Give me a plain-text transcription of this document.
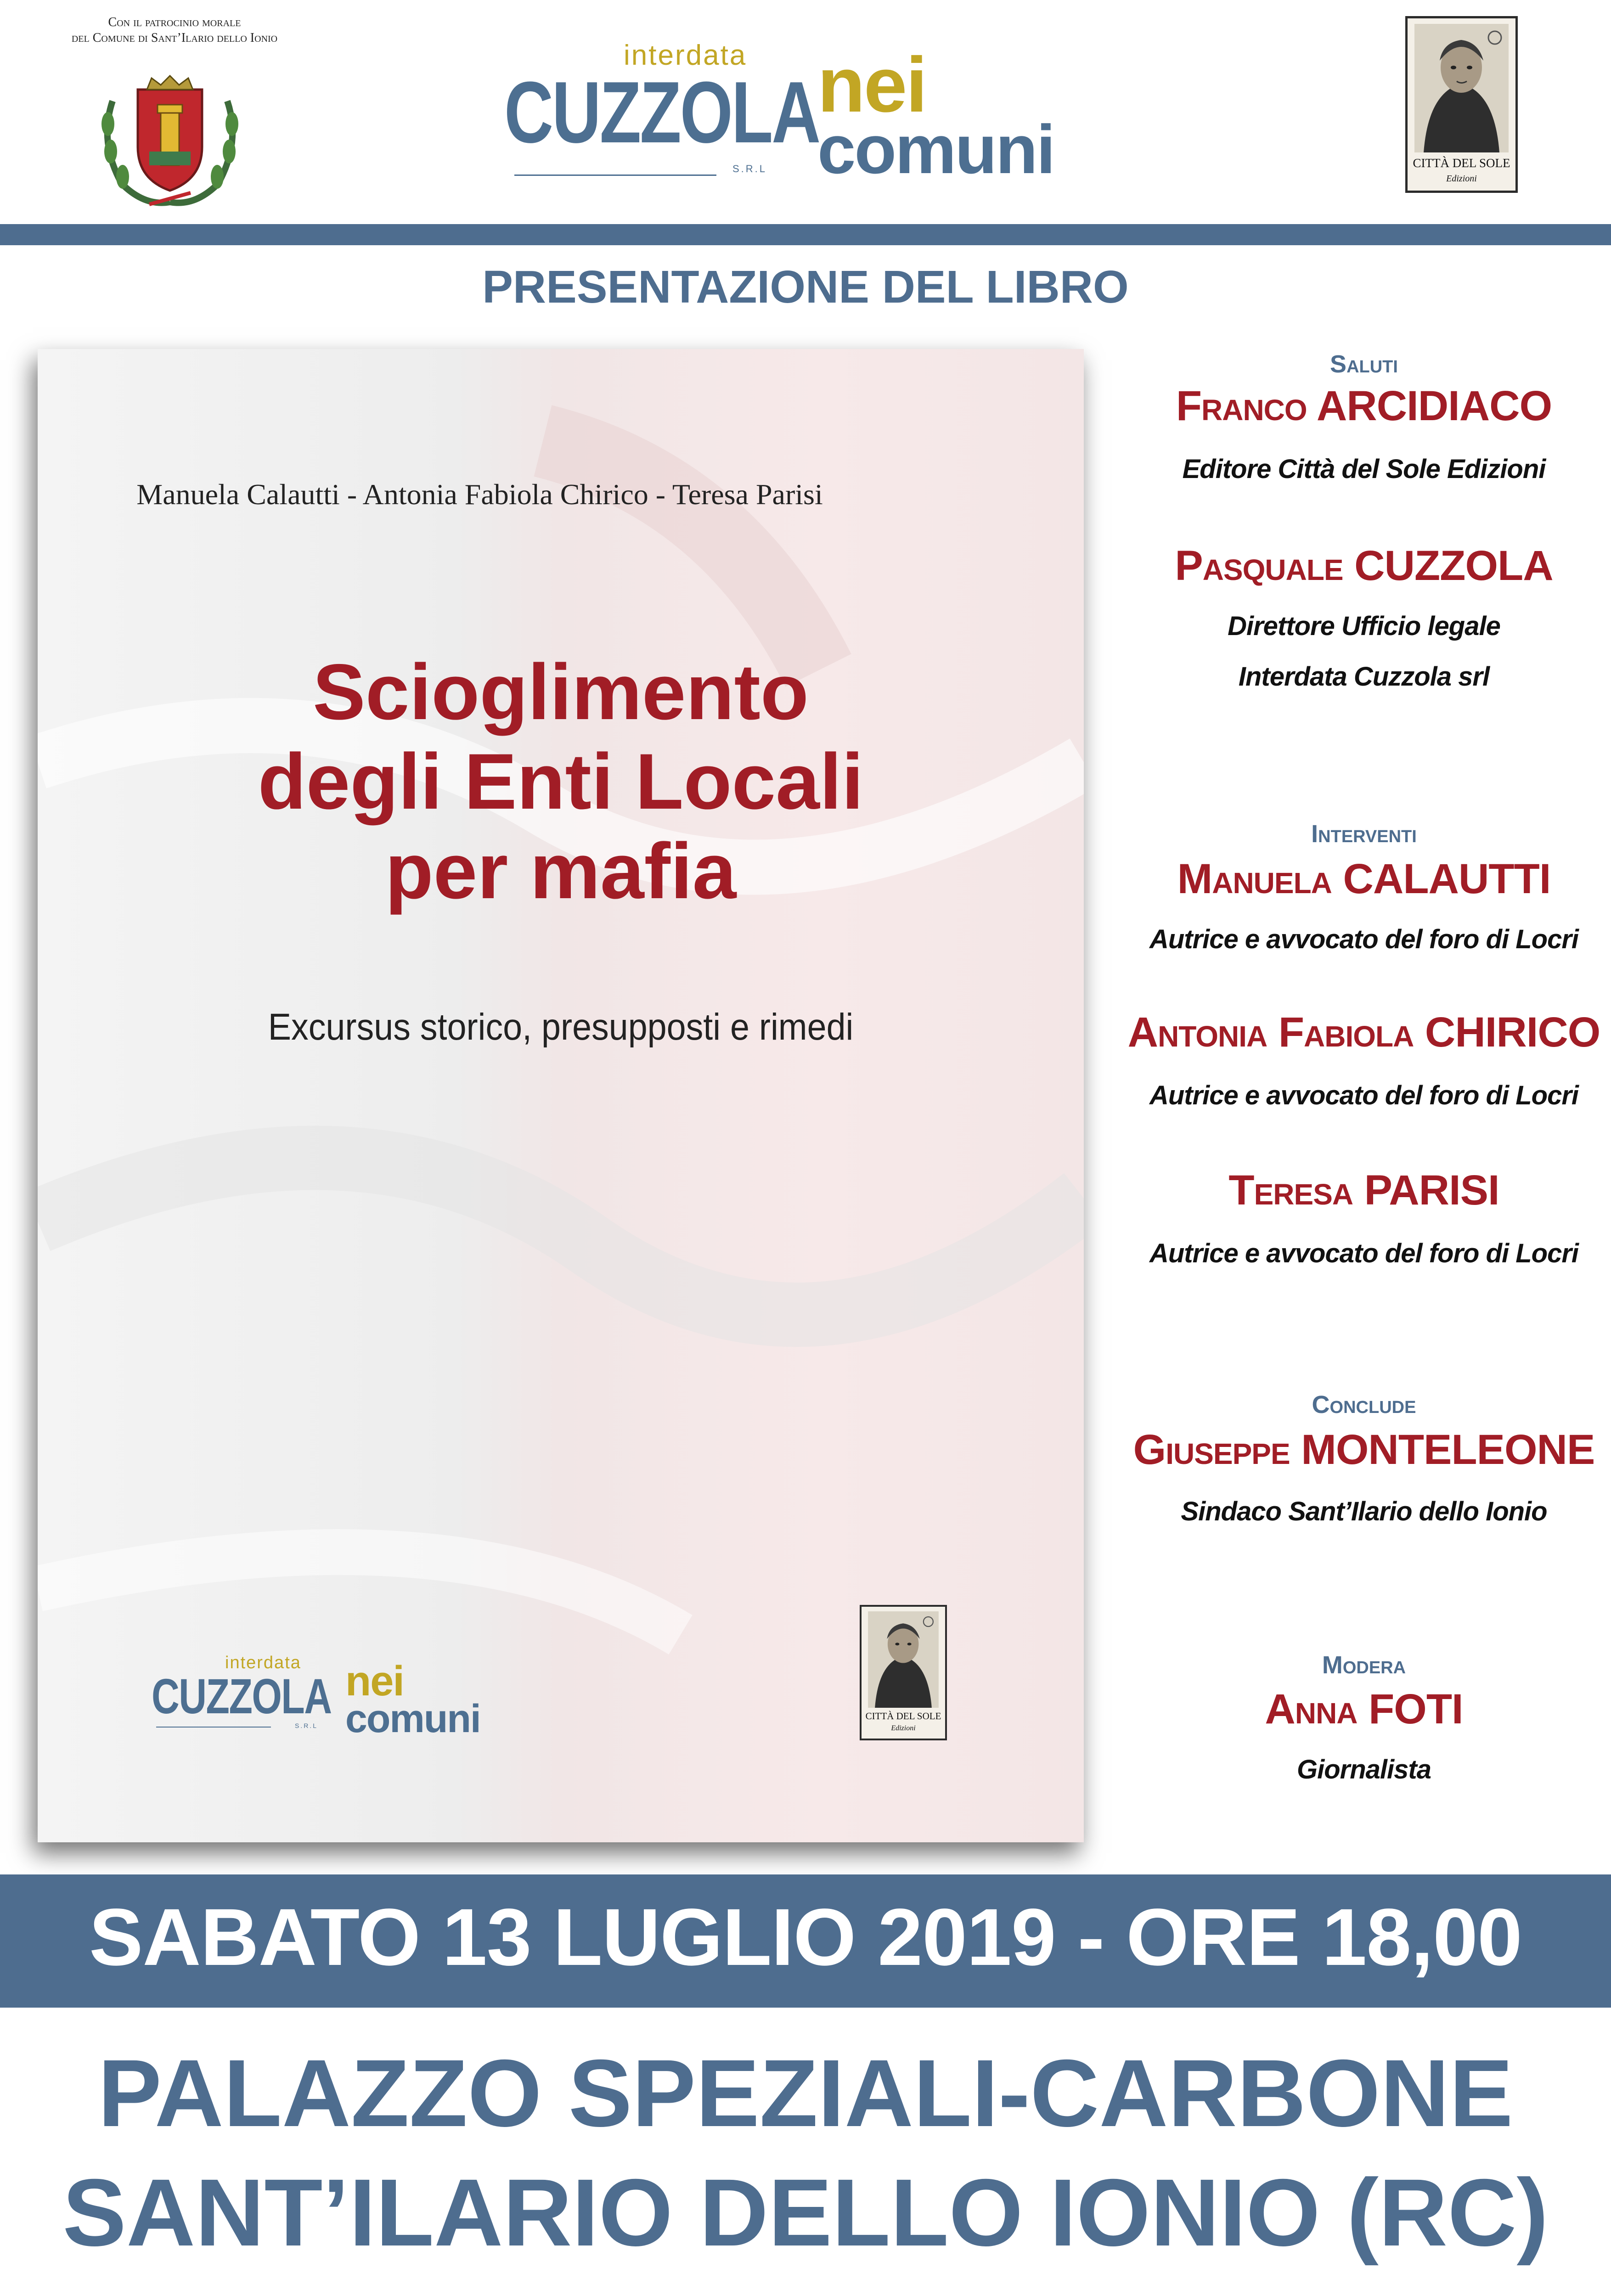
Con il patrocinio morale
del Comune di Sant’Ilario dello Ionio
interdata
CUZZOLA
S.R.L
nei
comuni	CITTÀ DEL SOLE
Edizioni
PRESENTAZIONE DEL LIBRO
Manuela Calautti - Antonia Fabiola Chirico - Teresa Parisi
Scioglimento
degli Enti Locali
per mafia
Excursus storico, presupposti e rimedi
interdata
CUZZOLA
S.R.L
nei
comuni	CITTÀ DEL SOLE
Edizioni
Saluti
Franco ARCIDIACO
Editore Città del Sole Edizioni
Pasquale CUZZOLA
Direttore Ufficio legale
Interdata Cuzzola srl
Interventi
Manuela CALAUTTI
Autrice e avvocato del foro di Locri
Antonia Fabiola CHIRICO
Autrice e avvocato del foro di Locri
Teresa PARISI
Autrice e avvocato del foro di Locri
Conclude
Giuseppe MONTELEONE
Sindaco Sant’Ilario dello Ionio
Modera
Anna FOTI
Giornalista
SABATO 13 LUGLIO 2019 - ORE 18,00
PALAZZO SPEZIALI-CARBONE
SANT’ILARIO DELLO IONIO (RC)
